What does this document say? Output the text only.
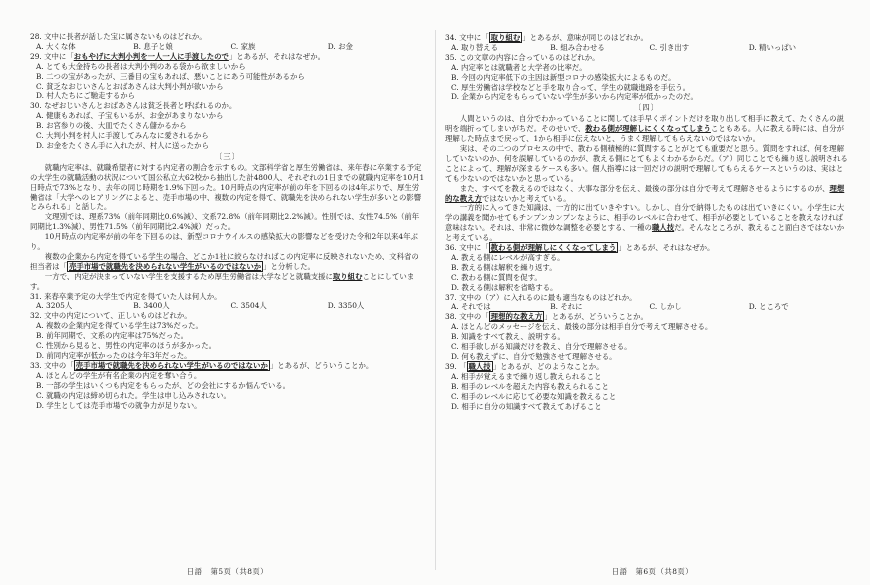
28. 文中に長者が話した宝に属さないものはどれか。

A. 大くな体	B. 息子と娘	C. 家族	D. お金

29. 文中に「おもやげに大判小判を一人一人に手渡したので」とあるが、それはなぜか。

A. とても大金持ちの長者は大判小判のある袋から欲ましいから

B. 二つの宝があったが、三番目の宝もあれば、悪いことにあう可能性があるから

C. 貧乏なおじいさんとおばあさんは大判小判が欲いから

D. 村人たちにご馳走するから

30. なぜおじいさんとおばあさんは貧乏長者と呼ばれるのか。

A. 健康もあれば、子宝もいるが、お金があまりないから

B. お宮参りの後、大皿でたくさん儲かるから

C. 大判小判を村人に手渡してみんなに愛されるから

D. お金をたくさん手に入れたが、村人に送ったから

〔三〕

就職内定率は、就職希望者に対する内定者の割合を示すもの。文部科学省と厚生労働省は、来年春に卒業する予定の大学生の就職活動の状況について国公私立大62校から抽出した計4800人、それぞれの1日までの就職内定率を10月1日時点で73%となり、去年の同じ時期を1.9%下回った。10月時点の内定率が前の年を下回るのは4年ぶりで、厚生労働省は「大学へのヒアリングによると、売手市場の中、複数の内定を得て、就職先を決められない学生が多いとの影響とみられる」と話した。

文理別では、理系73%（前年同期比0.6%減）、文系72.8%（前年同期比2.2%減）。性別では、女性74.5%（前年同期比1.3%減）、男性71.5%（前年同期比2.4%減）だった。

10月時点の内定率が前の年を下回るのは、新型コロナウイルスの感染拡大の影響などを受けた令和2年以来4年ぶり。

複数の企業から内定を得ている学生の場合、どこか1社に絞らなければこの内定率に反映されないため、文科省の担当者は「 売手市場で就職先を決められない学生がいるのではないか 」と分析した。

一方で、内定が決まっていない学生を支援するため厚生労働省は大学などと就職支援に取り組むことにしています。

31. 来春卒業予定の大学生で内定を得ていた人は何人か。

A. 3205人	B. 3400人	C. 3504人	D. 3350人

32. 文中の内定について、正しいものはどれか。

A. 複数の企業内定を得ている学生は73%だった。

B. 前年同期で、文系の内定率は75%だった。

C. 性別から見ると、男性の内定率のほうが多かった。

D. 前同内定率が低かったのは今年3年だった。

33. 文中の「 売手市場で就職先を決められない学生がいるのではないか 」とあるが、どういうことか。

A. ほとんどの学生が有名企業の内定を奪い合う。

B. 一部の学生はいくつも内定をもらったが、どの会社にするか悩んでいる。

C. 就職の内定は締め切られた。学生は申し込みされない。

D. 学生としては売手市場での就争力が足りない。

日語　第5页（共8页）

34. 文中に「 取り組む 」とあるが、意味が同じのはどれか。

A. 取り替える	B. 組み合わせる	C. 引き出す	D. 精いっぱい

35. この文章の内容に合っているのはどれか。

A. 内定率とは就職者と大学者の比率だ。

B. 今回の内定率低下の主因は新型コロナの感染拡大によるものだ。

C. 厚生労働省は学校などと手を取り合って、学生の就職進路を手伝う。

D. 企業から内定をもらっていない学生が多いから内定率が低かったのだ。

〔四〕

人間というのは、自分でわかっていることに関しては手早くポイントだけを取り出して相手に教えて、たくさんの説明を端折ってしまいがちだ。そのせいで、教わる側が理解しにくくなってしまうこともある。人に教える時には、自分が理解した時点まで戻って、1から相手に伝えないと、うまく理解してもらえないのではないか。

実は、その二つのプロセスの中で、教わる側積極的に質問することがとても重要だと思う。質問をすれば、何を理解していないのか、何を誤解しているのかが、教える側にとてもよくわかるからだ。（ア）同じことでも繰り返し説明されることによって、理解が深まるケースも多い。個人指導には一回だけの説明で理解してもらえるケースというのは、実はとても少ないのではないかと思っている。

また、すべてを教えるのではなく、大事な部分を伝え、最後の部分は自分で考えて理解させるようにするのが、理想的な教え方ではないかと考えている。

一方的に入ってきた知識は、一方的に出ていきやすい。しかし、自分で納得したものは出ていきにくい。小学生に大学の講義を聞かせてもチンプンカンプンなように、相手のレベルに合わせて、相手が必要としていることを教えなければ意味はない。それは、非常に微妙な調整を必要とする、一種の職人技だ。そんなところが、教えること面白さではないかと考えている。

36. 文中に「 教わる側が理解しにくくなってしまう 」とあるが、それはなぜか。

A. 教える側にレベルが高すぎる。

B. 教える側は解釈を繰り返す。

C. 教わる側に質問を促す。

D. 教える側は解釈を省略する。

37. 文中の（ア）に入れるのに最も適当なものはどれか。

A. それでは	B. それに	C. しかし	D. ところで

38. 文中の「 理想的な教え方 」とあるが、どういうことか。

A. ほとんどのメッセージを伝え、最後の部分は相手自分で考えて理解させる。

B. 知識をすべて教え、説明する。

C. 相手欲しがる知識だけを教え、自分で理解させる。

D. 何も教えずに、自分で勉強させて理解させる。

39. 「 職人技 」とあるが、どのようなことか。

A. 相手が覚えるまで繰り返し教えられること

B. 相手のレベルを超えた内容も教えられること

C. 相手のレベルに応じて必要な知識を教えること

D. 相手に自分の知識すべて教えてあげること

日語　第6页（共8页）
